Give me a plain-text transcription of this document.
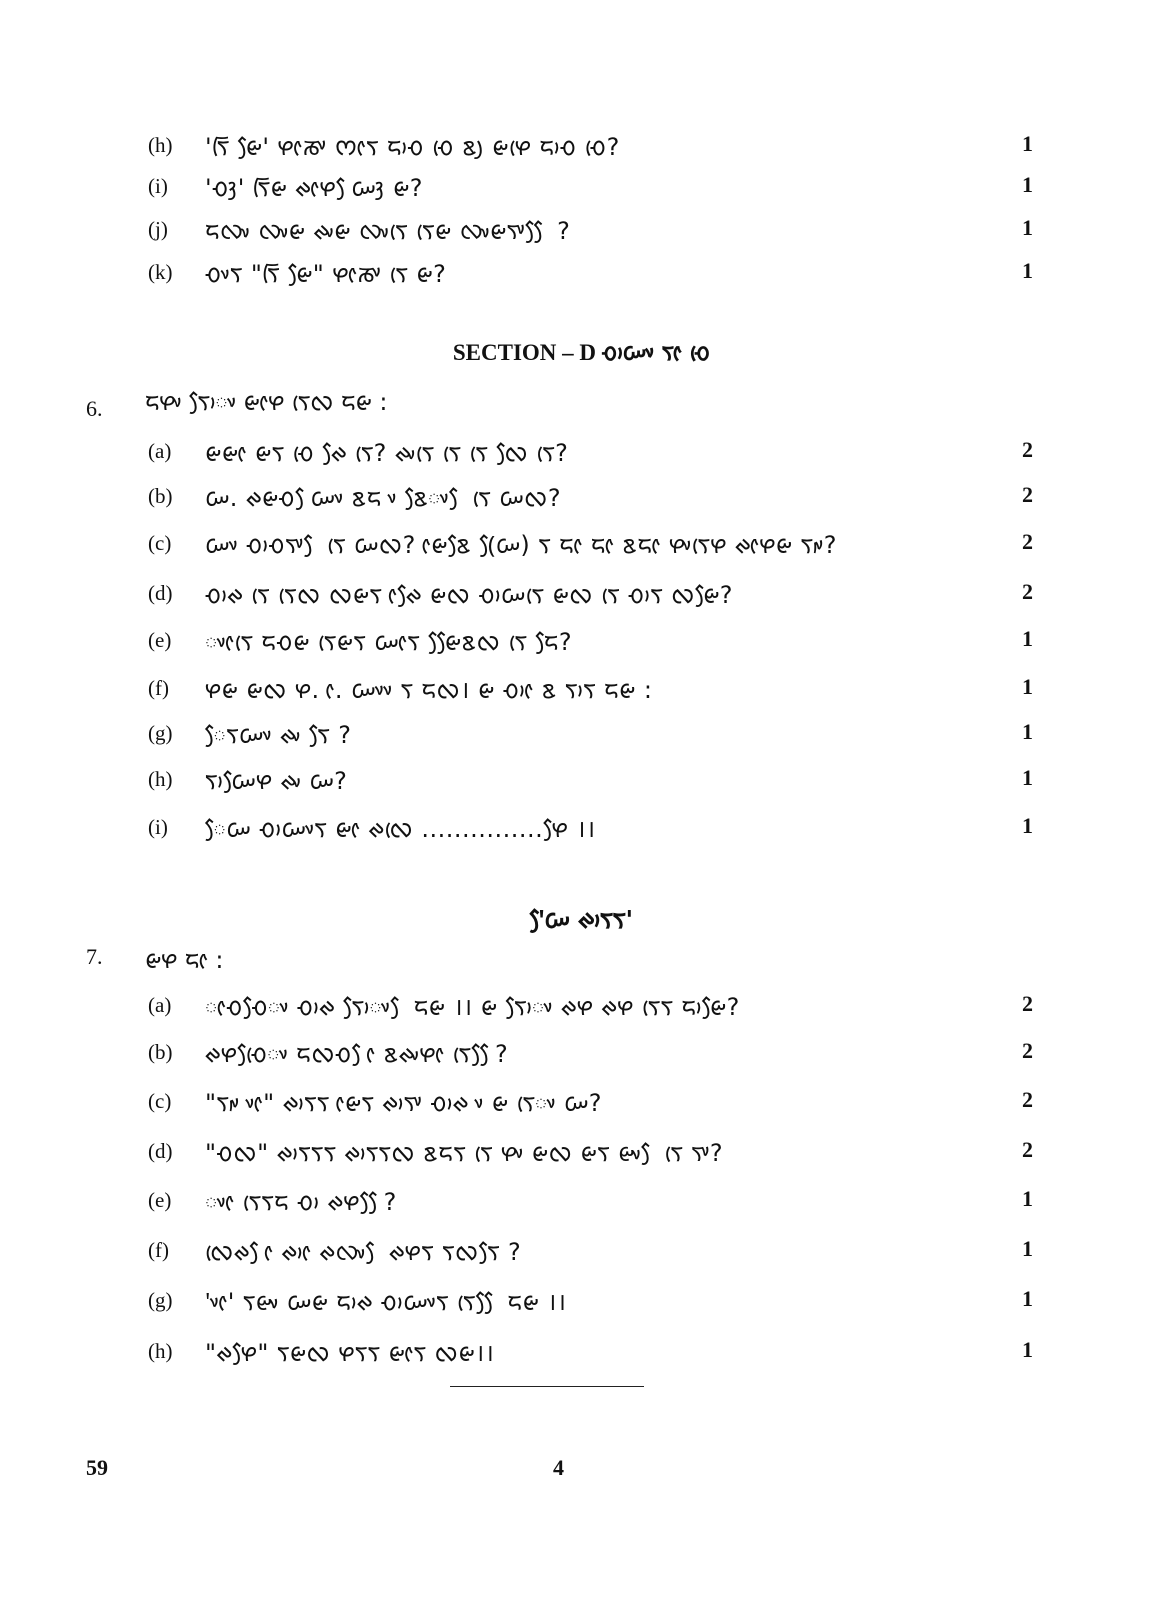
(h) 'ᰛᰩ ᰡᰧ' ᰋᰦᰕᰤ ᰔᰦᰛ ᰏᰥᰆ ᰆᰨ ᰣᰪ ᰡᰋᰨ ᰏᰥᰆ ᰆᰨ?	1
(i) 'ᰆᰫ' ᰛᰩᰡ ᰊᰦᰋ ᰧᰠᰫ ᰡ?	1
(j) ᰏᰜᰤ ᰜᰤᰡ ᰊᰤᰡ ᰜᰤᰛᰨ ᰛᰨᰡ ᰜᰤᰡᰛᰤ ᰧᰧ ?	1
(k) ᰆᰤᰛ "ᰛᰩ ᰡᰧ" ᰋᰦᰕᰤ ᰛᰨ ᰡ?	1
SECTION – D ᰆᰥᰠᰤ ᰛᰦ ᰆᰨ
6. ᰏᰋᰤ ᰛᰥᰧᰤ ᰡᰦᰋ ᰛᰨᰜ ᰏᰡ :
(a) ᰡᰡᰦ ᰡᰛ ᰆᰨ ᰊᰧ ᰛᰨ? ᰊᰤᰛᰨ ᰛᰨ ᰛᰨ ᰜᰧ ᰛᰨ?	2
(b) ᰠ. ᰊᰡᰆ ᰧᰠᰤ ᰣᰏ ᰤ ᰣᰧᰤ ᰧ ᰛᰨ ᰠᰜ?	2
(c) ᰠᰤ ᰆᰥᰆᰛᰤ ᰧ ᰛᰨ ᰠᰜ? ᰦᰡᰣᰧ (ᰧᰠ) ᰛ ᰏᰦ ᰏᰦ ᰣᰏᰦ ᰋᰤᰛᰨᰋ ᰊᰦᰋᰡ ᰛᰥᰤ?	2
(d) ᰆᰥᰊ ᰛᰨ ᰛᰨᰜ ᰜᰡᰛ ᰦᰊᰧ ᰡᰜ ᰆᰥᰠᰛᰨ ᰡᰜ ᰛᰨ ᰆᰥᰛ ᰜᰡᰧ?	2
(e) ᰤᰦᰛᰨ ᰏᰆᰡ ᰛᰨᰡᰛ ᰠᰦᰛ ᰡᰧᰧᰣᰜ ᰛᰨ ᰏᰧ?	1
(f) ᰋᰡ ᰡᰜ ᰋ. ᰦ. ᰠᰤᰤ ᰛ ᰏᰜ। ᰡ ᰆᰥᰦ ᰣ ᰛᰥᰛ ᰏᰡ :	1
(g) ᰧᰛᰠᰤ ᰊᰤ ᰛᰧ ?	1
(h) ᰛᰥᰠᰧᰋ ᰊᰤ ᰠ?	1
(i) ᰧᰠ ᰆᰥᰠᰤᰛ ᰡᰦ ᰊᰜᰨ ...............ᰋᰧ ।।	1
'ᰧᰠ ᰊᰥᰛᰛ'
7. ᰡᰋ ᰏᰦ :
(a) ᰦᰆᰆᰧᰤ ᰆᰥᰊ ᰛᰥᰧᰤ ᰧ ᰏᰡ ।। ᰡ ᰛᰥᰧᰤ ᰊᰋ ᰊᰋ ᰛᰨᰛ ᰏᰥᰡᰧ?	2
(b) ᰊᰋᰆᰨᰧᰤ ᰏᰜᰆ ᰧᰦ ᰣᰊᰤᰋᰦ ᰛᰨ ᰧᰧ?	2
(c) "ᰛᰥᰤ ᰤᰦ" ᰊᰥᰛᰛ ᰦᰡᰛ ᰊᰥᰛᰤ ᰆᰥᰊ ᰤ ᰡ ᰛᰨᰤ ᰠ?	2
(d) "ᰆᰜ" ᰊᰥᰛᰛᰛ ᰊᰥᰛᰛᰜ ᰣᰏᰛ ᰛᰨ ᰋᰤ ᰡᰜ ᰡᰛ ᰡᰤ ᰧ ᰛᰨ ᰛᰤ?	2
(e) ᰤᰦ ᰛᰨᰛᰏ ᰆᰥ ᰊᰋ ᰧᰧ?	1
(f) ᰜᰨᰊ ᰧᰦ ᰊᰥᰦ ᰊᰜᰤ ᰧ ᰊᰋᰛ ᰛᰜᰛᰧ ?	1
(g) 'ᰤᰦ' ᰛᰡᰤ ᰠᰡ ᰏᰥᰊ ᰆᰥᰠᰤᰛ ᰛᰨ ᰧᰧ ᰏᰡ ।।	1
(h) "ᰊᰋᰧ" ᰛᰡᰜ ᰋᰛᰛ ᰡᰦᰛ ᰜᰡ।।	1
59	4
